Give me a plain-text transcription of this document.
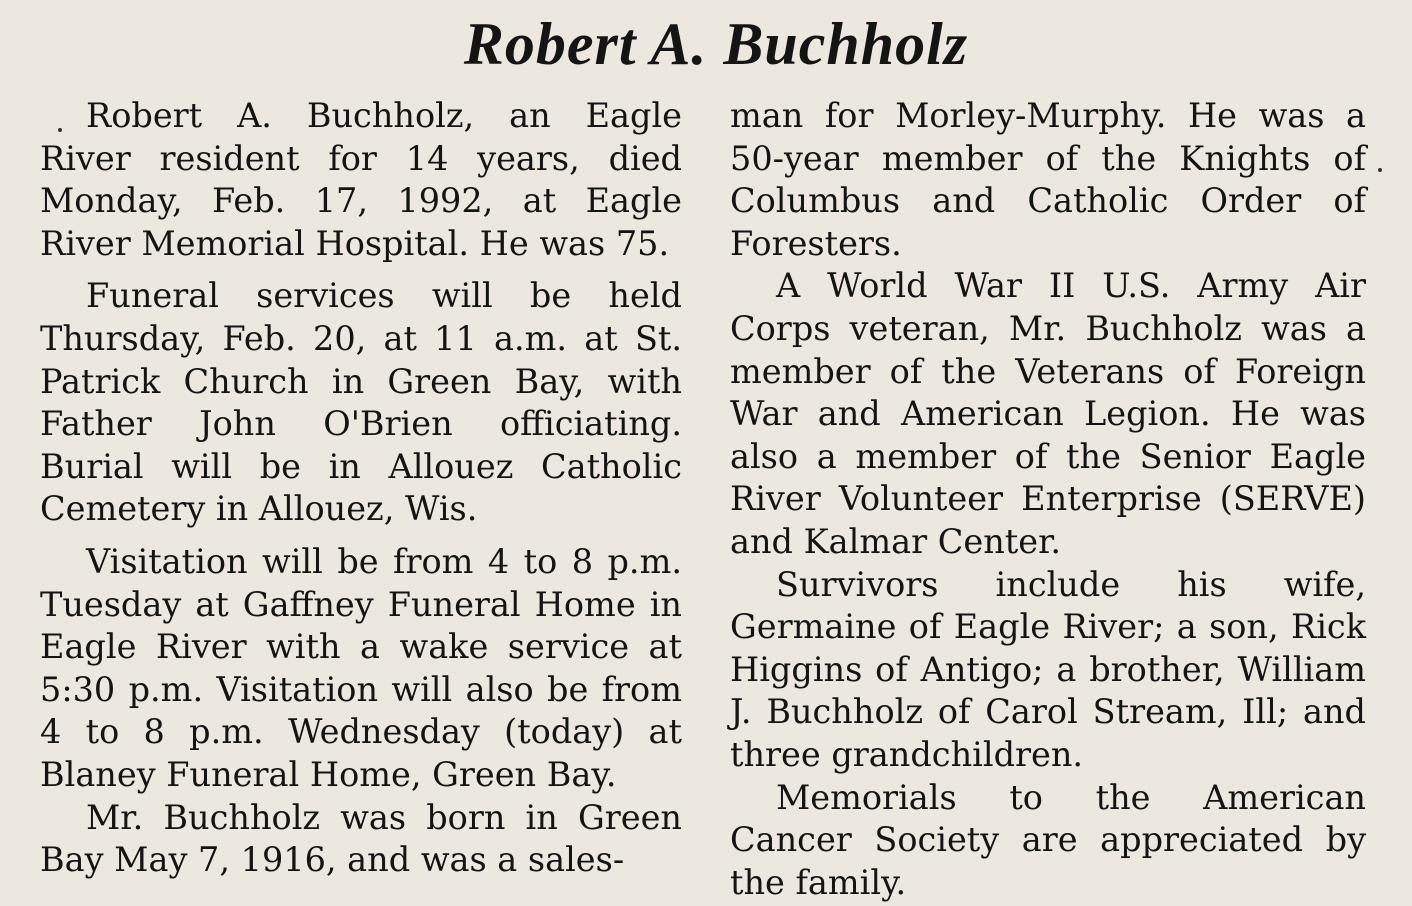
Robert A. Buchholz

Robert A. Buchholz, an Eagle River resident for 14 years, died Monday, Feb. 17, 1992, at Eagle River Memorial Hospital. He was 75.

Funeral services will be held Thursday, Feb. 20, at 11 a.m. at St. Patrick Church in Green Bay, with Father John O'Brien officiating. Burial will be in Allouez Catholic Cemetery in Allouez, Wis.

Visitation will be from 4 to 8 p.m. Tuesday at Gaffney Funeral Home in Eagle River with a wake service at 5:30 p.m. Visitation will also be from 4 to 8 p.m. Wednesday (today) at Blaney Funeral Home, Green Bay.

Mr. Buchholz was born in Green Bay May 7, 1916, and was a sales-

man for Morley-Murphy. He was a 50-year member of the Knights of Columbus and Catholic Order of Foresters.

A World War II U.S. Army Air Corps veteran, Mr. Buchholz was a member of the Veterans of Foreign War and American Legion. He was also a member of the Senior Eagle River Volunteer Enterprise (SERVE) and Kalmar Center.

Survivors include his wife, Germaine of Eagle River; a son, Rick Higgins of Antigo; a brother, William J. Buchholz of Carol Stream, Ill; and three grandchildren.

Memorials to the American Cancer Society are appreciated by the family.
